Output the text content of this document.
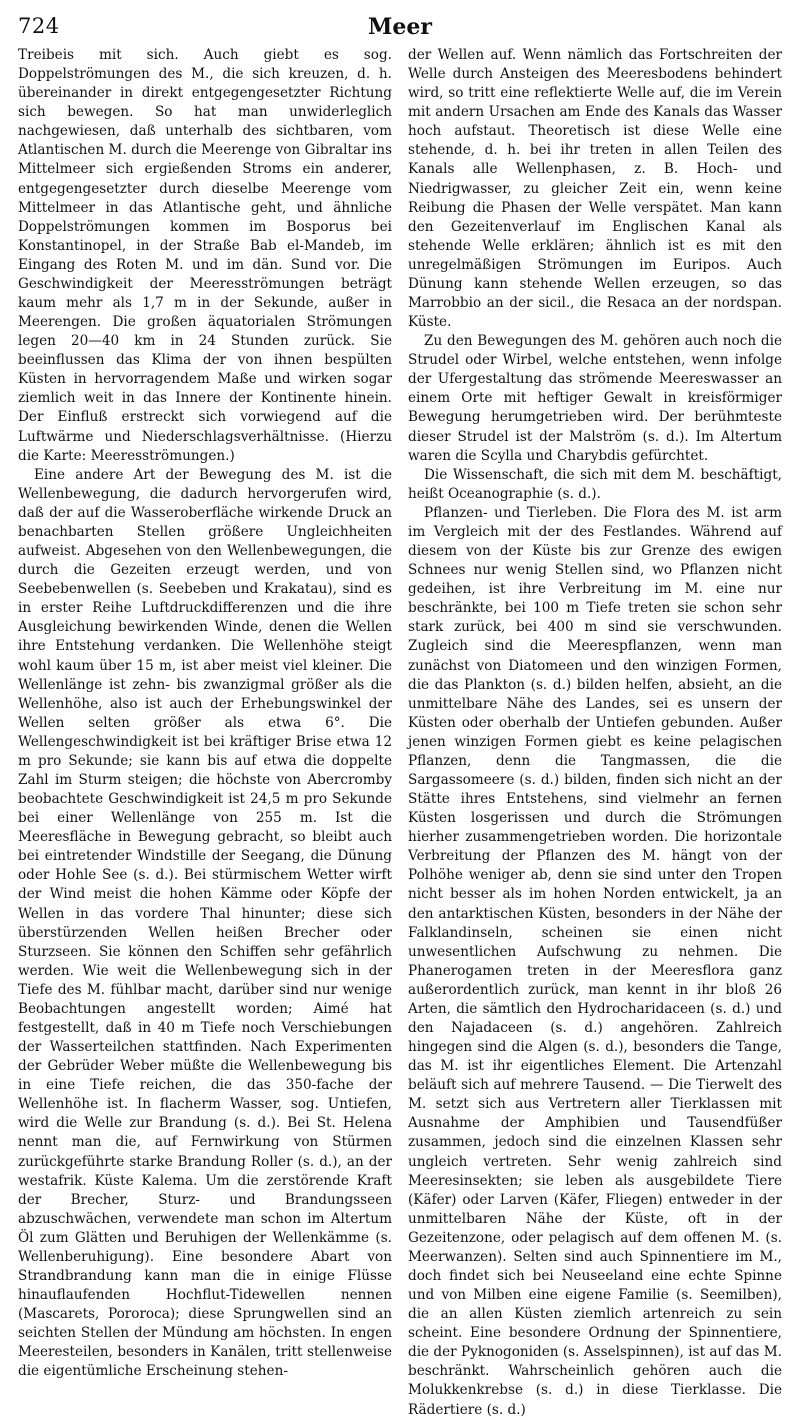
724	Meer

Treibeis mit sich. Auch giebt es sog. Doppelströmungen des M., die sich kreuzen, d. h. übereinander in direkt entgegengesetzter Richtung sich bewegen. So hat man unwiderleglich nachgewiesen, daß unterhalb des sichtbaren, vom Atlantischen M. durch die Meerenge von Gibraltar ins Mittelmeer sich ergießenden Stroms ein anderer, entgegengesetzter durch dieselbe Meerenge vom Mittelmeer in das Atlantische geht, und ähnliche Doppelströmungen kommen im Bosporus bei Konstantinopel, in der Straße Bab el-Mandeb, im Eingang des Roten M. und im dän. Sund vor. Die Geschwindigkeit der Meeresströmungen beträgt kaum mehr als 1,7 m in der Sekunde, außer in Meerengen. Die großen äquatorialen Strömungen legen 20—40 km in 24 Stunden zurück. Sie beeinflussen das Klima der von ihnen bespülten Küsten in hervorragendem Maße und wirken sogar ziemlich weit in das Innere der Kontinente hinein. Der Einfluß erstreckt sich vorwiegend auf die Luftwärme und Niederschlagsverhältnisse. (Hierzu die Karte: Meeresströmungen.)

Eine andere Art der Bewegung des M. ist die Wellenbewegung, die dadurch hervorgerufen wird, daß der auf die Wasseroberfläche wirkende Druck an benachbarten Stellen größere Ungleichheiten aufweist. Abgesehen von den Wellenbewegungen, die durch die Gezeiten erzeugt werden, und von Seebebenwellen (s. Seebeben und Krakatau), sind es in erster Reihe Luftdruckdifferenzen und die ihre Ausgleichung bewirkenden Winde, denen die Wellen ihre Entstehung verdanken. Die Wellenhöhe steigt wohl kaum über 15 m, ist aber meist viel kleiner. Die Wellenlänge ist zehn- bis zwanzigmal größer als die Wellenhöhe, also ist auch der Erhebungswinkel der Wellen selten größer als etwa 6°. Die Wellengeschwindigkeit ist bei kräftiger Brise etwa 12 m pro Sekunde; sie kann bis auf etwa die doppelte Zahl im Sturm steigen; die höchste von Abercromby beobachtete Geschwindigkeit ist 24,5 m pro Sekunde bei einer Wellenlänge von 255 m. Ist die Meeresfläche in Bewegung gebracht, so bleibt auch bei eintretender Windstille der Seegang, die Dünung oder Hohle See (s. d.). Bei stürmischem Wetter wirft der Wind meist die hohen Kämme oder Köpfe der Wellen in das vordere Thal hinunter; diese sich überstürzenden Wellen heißen Brecher oder Sturzseen. Sie können den Schiffen sehr gefährlich werden. Wie weit die Wellenbewegung sich in der Tiefe des M. fühlbar macht, darüber sind nur wenige Beobachtungen angestellt worden; Aimé hat festgestellt, daß in 40 m Tiefe noch Verschiebungen der Wasserteilchen stattfinden. Nach Experimenten der Gebrüder Weber müßte die Wellenbewegung bis in eine Tiefe reichen, die das 350-fache der Wellenhöhe ist. In flacherm Wasser, sog. Untiefen, wird die Welle zur Brandung (s. d.). Bei St. Helena nennt man die, auf Fernwirkung von Stürmen zurückgeführte starke Brandung Roller (s. d.), an der westafrik. Küste Kalema. Um die zerstörende Kraft der Brecher, Sturz- und Brandungsseen abzuschwächen, verwendete man schon im Altertum Öl zum Glätten und Beruhigen der Wellenkämme (s. Wellenberuhigung). Eine besondere Abart von Strandbrandung kann man die in einige Flüsse hinauflaufenden Hochflut-Tidewellen nennen (Mascarets, Pororoca); diese Sprungwellen sind an seichten Stellen der Mündung am höchsten. In engen Meeresteilen, besonders in Kanälen, tritt stellenweise die eigentümliche Erscheinung stehen-

der Wellen auf. Wenn nämlich das Fortschreiten der Welle durch Ansteigen des Meeresbodens behindert wird, so tritt eine reflektierte Welle auf, die im Verein mit andern Ursachen am Ende des Kanals das Wasser hoch aufstaut. Theoretisch ist diese Welle eine stehende, d. h. bei ihr treten in allen Teilen des Kanals alle Wellenphasen, z. B. Hoch- und Niedrigwasser, zu gleicher Zeit ein, wenn keine Reibung die Phasen der Welle verspätet. Man kann den Gezeitenverlauf im Englischen Kanal als stehende Welle erklären; ähnlich ist es mit den unregelmäßigen Strömungen im Euripos. Auch Dünung kann stehende Wellen erzeugen, so das Marrobbio an der sicil., die Resaca an der nordspan. Küste.

Zu den Bewegungen des M. gehören auch noch die Strudel oder Wirbel, welche entstehen, wenn infolge der Ufergestaltung das strömende Meereswasser an einem Orte mit heftiger Gewalt in kreisförmiger Bewegung herumgetrieben wird. Der berühmteste dieser Strudel ist der Malström (s. d.). Im Altertum waren die Scylla und Charybdis gefürchtet.

Die Wissenschaft, die sich mit dem M. beschäftigt, heißt Oceanographie (s. d.).

Pflanzen- und Tierleben. Die Flora des M. ist arm im Vergleich mit der des Festlandes. Während auf diesem von der Küste bis zur Grenze des ewigen Schnees nur wenig Stellen sind, wo Pflanzen nicht gedeihen, ist ihre Verbreitung im M. eine nur beschränkte, bei 100 m Tiefe treten sie schon sehr stark zurück, bei 400 m sind sie verschwunden. Zugleich sind die Meerespflanzen, wenn man zunächst von Diatomeen und den winzigen Formen, die das Plankton (s. d.) bilden helfen, absieht, an die unmittelbare Nähe des Landes, sei es unsern der Küsten oder oberhalb der Untiefen gebunden. Außer jenen winzigen Formen giebt es keine pelagischen Pflanzen, denn die Tangmassen, die die Sargassomeere (s. d.) bilden, finden sich nicht an der Stätte ihres Entstehens, sind vielmehr an fernen Küsten losgerissen und durch die Strömungen hierher zusammengetrieben worden. Die horizontale Verbreitung der Pflanzen des M. hängt von der Polhöhe weniger ab, denn sie sind unter den Tropen nicht besser als im hohen Norden entwickelt, ja an den antarktischen Küsten, besonders in der Nähe der Falklandinseln, scheinen sie einen nicht unwesentlichen Aufschwung zu nehmen. Die Phanerogamen treten in der Meeresflora ganz außerordentlich zurück, man kennt in ihr bloß 26 Arten, die sämtlich den Hydrocharidaceen (s. d.) und den Najadaceen (s. d.) angehören. Zahlreich hingegen sind die Algen (s. d.), besonders die Tange, das M. ist ihr eigentliches Element. Die Artenzahl beläuft sich auf mehrere Tausend. — Die Tierwelt des M. setzt sich aus Vertretern aller Tierklassen mit Ausnahme der Amphibien und Tausendfüßer zusammen, jedoch sind die einzelnen Klassen sehr ungleich vertreten. Sehr wenig zahlreich sind Meeresinsekten; sie leben als ausgebildete Tiere (Käfer) oder Larven (Käfer, Fliegen) entweder in der unmittelbaren Nähe der Küste, oft in der Gezeitenzone, oder pelagisch auf dem offenen M. (s. Meerwanzen). Selten sind auch Spinnentiere im M., doch findet sich bei Neuseeland eine echte Spinne und von Milben eine eigene Familie (s. Seemilben), die an allen Küsten ziemlich artenreich zu sein scheint. Eine besondere Ordnung der Spinnentiere, die der Pyknogoniden (s. Asselspinnen), ist auf das M. beschränkt. Wahrscheinlich gehören auch die Molukkenkrebse (s. d.) in diese Tierklasse. Die Rädertiere (s. d.)
